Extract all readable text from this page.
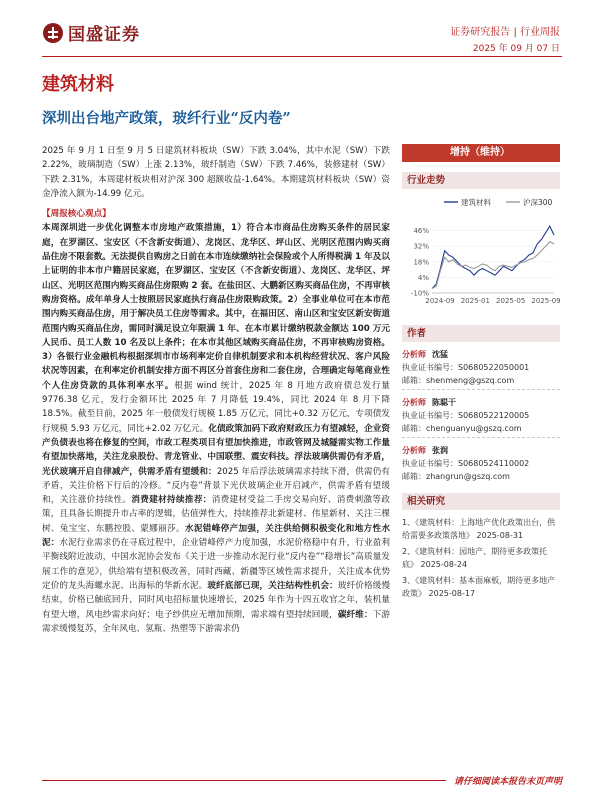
国盛证券	证券研究报告 | 行业周报
2025 年 09 月 07 日
建筑材料
深圳出台地产政策，玻纤行业“反内卷”

2025 年 9 月 1 日至 9 月 5 日建筑材料板块（SW）下跌 3.04%，其中水泥（SW）下跌 2.22%，玻璃制造（SW）上涨 2.13%，玻纤制造（SW）下跌 7.46%，装修建材（SW）下跌 2.31%，本周建材板块相对沪深 300 超额收益-1.64%。本期建筑材料板块（SW）资金净流入额为-14.99 亿元。

【周报核心观点】

本周深圳进一步优化调整本市房地产政策措施，1）符合本市商品住房购买条件的居民家庭，在罗湖区、宝安区（不含新安街道）、龙岗区、龙华区、坪山区、光明区范围内购买商品住房不限套数。无法提供自购房之日前在本市连续缴纳社会保险或个人所得税满 1 年及以上证明的非本市户籍居民家庭，在罗湖区、宝安区（不含新安街道）、龙岗区、龙华区、坪山区、光明区范围内购买商品住房限购 2 套。在盐田区、大鹏新区购买商品住房，不再审核购房资格。成年单身人士按照居民家庭执行商品住房限购政策。2）全事业单位可在本市范围内购买商品住房，用于解决员工住房等需求。其中，在福田区、南山区和宝安区新安街道范围内购买商品住房，需同时满足设立年限满 1 年、在本市累计缴纳税款金额达 100 万元人民币、员工人数 10 名及以上条件；在本市其他区域购买商品住房，不再审核购房资格。3）各银行业金融机构根据深圳市市场利率定价自律机制要求和本机构经营状况、客户风险状况等因素，在利率定价机制安排方面不再区分首套住房和二套住房，合理确定每笔商业性个人住房贷款的具体利率水平。根据 wind 统计，2025 年 8 月地方政府债总发行量 9776.38 亿元，发行金额环比 2025 年 7 月降低 19.4%，同比 2024 年 8 月下降 18.5%。截至目前，2025 年一般债发行规模 1.85 万亿元，同比+0.32 万亿元，专项债发行规模 5.93 万亿元，同比+2.02 万亿元。化债政策加码下政府财政压力有望减轻，企业资产负债表也将在修复的空间，市政工程类项目有望加快推进，市政管网及城隧需实物工作量有望加快落地，关注龙泉股份、青龙管业、中国联塑、震安科技。浮法玻璃供需仍有矛盾，光伏玻璃开启自律减产，供需矛盾有望缓和：2025 年后浮法玻璃需求持续下滑，供需仍有矛盾，关注价格下行后的冷修。“反内卷”背景下光伏玻璃企业开启减产，供需矛盾有望缓和，关注涨价持续性。消费建材持续推荐：消费建材受益二手房交易向好、消费刺激等政策，且具备长期提升市占率的逻辑，估值弹性大，持续推荐北新建材、伟星新材、关注三棵树、兔宝宝、东鹏控股、蒙娜丽莎。水泥错峰停产加强，关注供给侧积极变化和地方性水泥：水泥行业需求仍在寻底过程中，企业错峰停产力度加强，水泥价格稳中有升，行业盈利平衡线附近波动，中国水泥协会发布《关于进一步推动水泥行业“反内卷”“稳增长”高质量发展工作的意见》，供给端有望积极改善，同时西藏、新疆等区域性需求提升，关注成本优势定价的龙头海螺水泥、出海标的华新水泥。玻纤底部已现，关注结构性机会：玻纤价格缓慢结束，价格已触底回升，同时风电招标量快速增长，2025 年作为十四五收官之年，装机量有望大增，风电纱需求向好；电子纱供应无增加预期，需求端有望持续回暖，碳纤维：下游需求缓慢复苏，全年风电、氢瓶、热塑等下游需求仍

增持（维持）
行业走势
建筑材料	沪深300
-10%
4%
18%
32%
46%
2024-09 2025-01 2025-05 2025-09
作者
分析师 沈猛
执业证书编号：S0680522050001
邮箱：shenmeng@gszq.com
分析师 陈聪干
执业证书编号：S0680522120005
邮箱：chenguanyu@gszq.com
分析师 张润
执业证书编号：S0680524110002
邮箱：zhangrun@gszq.com
相关研究

1、《建筑材料：上海地产优化政策出台，供给需要多政策落地》 2025-08-31

2、《建筑材料：园地产、期待更多政策托底》 2025-08-24

3、《建筑材料：基本面麻板，期待更多地产政策》 2025-08-17

请仔细阅读本报告末页声明
